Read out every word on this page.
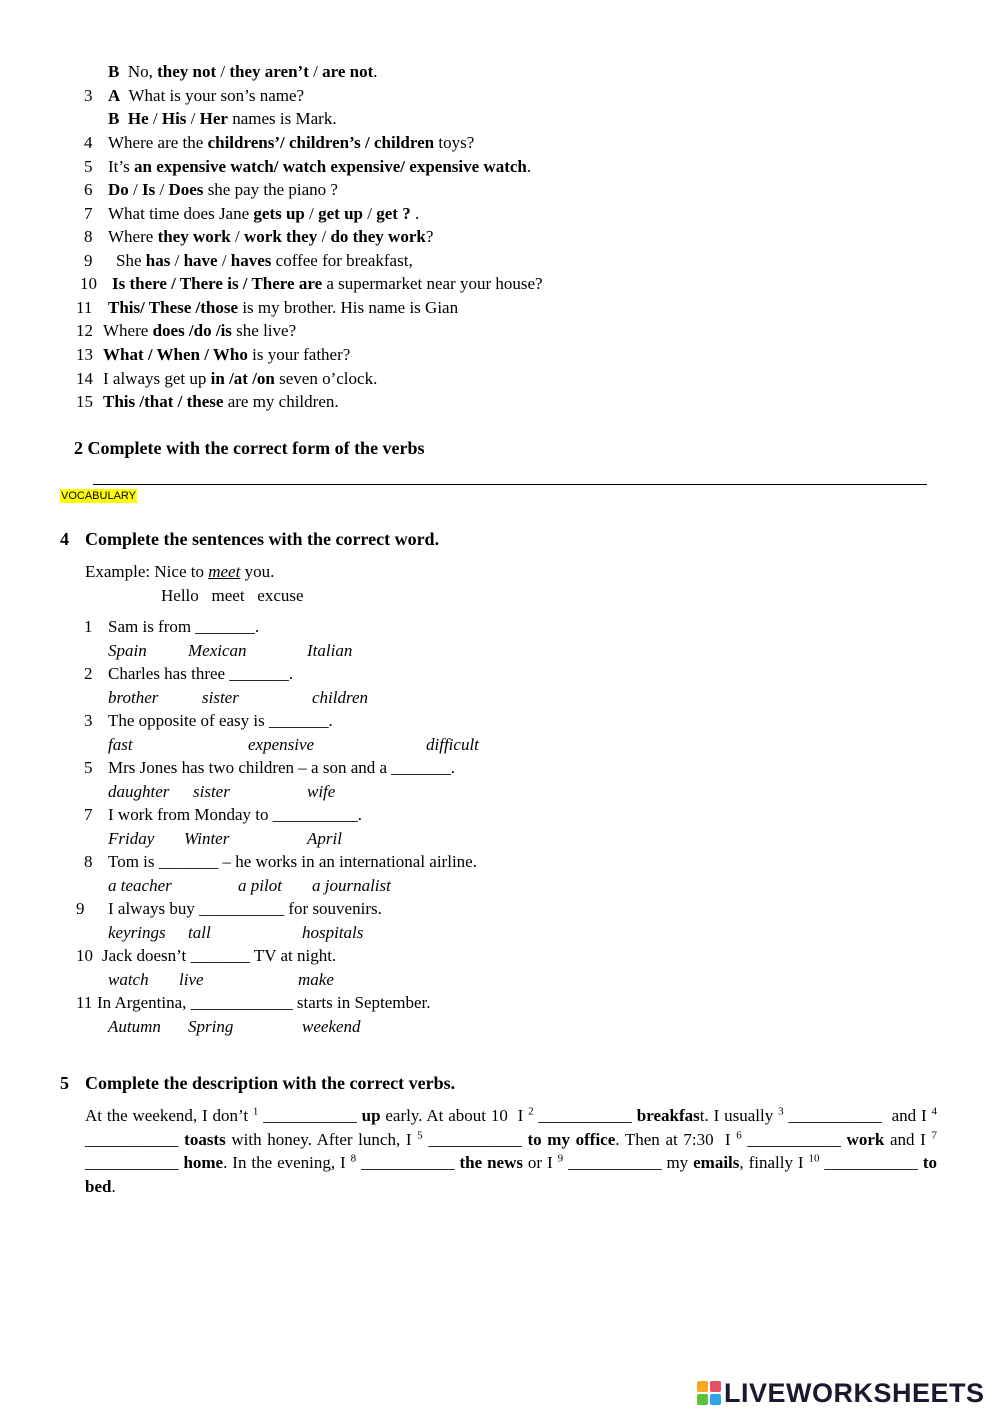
B  No, they not / they aren’t / are not.
3 A  What is your son’s name?
B He / His / Her names is Mark.
4 Where are the childrens’/ children’s / children toys?
5 It’s an expensive watch/ watch expensive/ expensive watch.
6 Do / Is / Does she pay the piano ?
7 What time does Jane gets up / get up / get ? .
8 Where they work / work they / do they work?
9 She has / have / haves coffee for breakfast,
10 Is there / There is / There are a supermarket near your house?
11 This/ These /those is my brother. His name is Gian
12 Where does /do /is she live?
13 What / When / Who is your father?
14 I always get up in /at /on seven o’clock.
15 This /that / these are my children.
2 Complete with the correct form of the verbs
VOCABULARY
4 Complete the sentences with the correct word.
Example: Nice to meet you.
Hello   meet   excuse
1 Sam is from _______.
Spain Mexican	Italian
2 Charles has three _______.
brother	sister	children
3 The opposite of easy is _______.
fast	expensive	difficult
5 Mrs Jones has two children – a son and a _______.
daughter sister	wife
7 I work from Monday to __________.
Friday Winter	April
8 Tom is _______ – he works in an international airline.
a teacher	a pilot a journalist
9 I always buy __________ for souvenirs.
keyrings tall	hospitals
10 Jack doesn’t _______ TV at night.
watch live	make
11 In Argentina, ____________ starts in September.
Autumn Spring	weekend
5 Complete the description with the correct verbs.
At the weekend, I don’t $^1$ ___________ up early. At about 10  I $^2$ ___________ breakfast. I usually $^3$ ___________  and I $^4$ ___________ toasts with honey. After lunch, I $^5$ ___________ to my office. Then at 7:30  I $^6$ ___________ work and I $^7$ ___________ home. In the evening, I $^8$ ___________ the news or I $^9$ ___________ my emails, finally I $^{10}$ ___________ to bed.
LIVEWORKSHEETS
